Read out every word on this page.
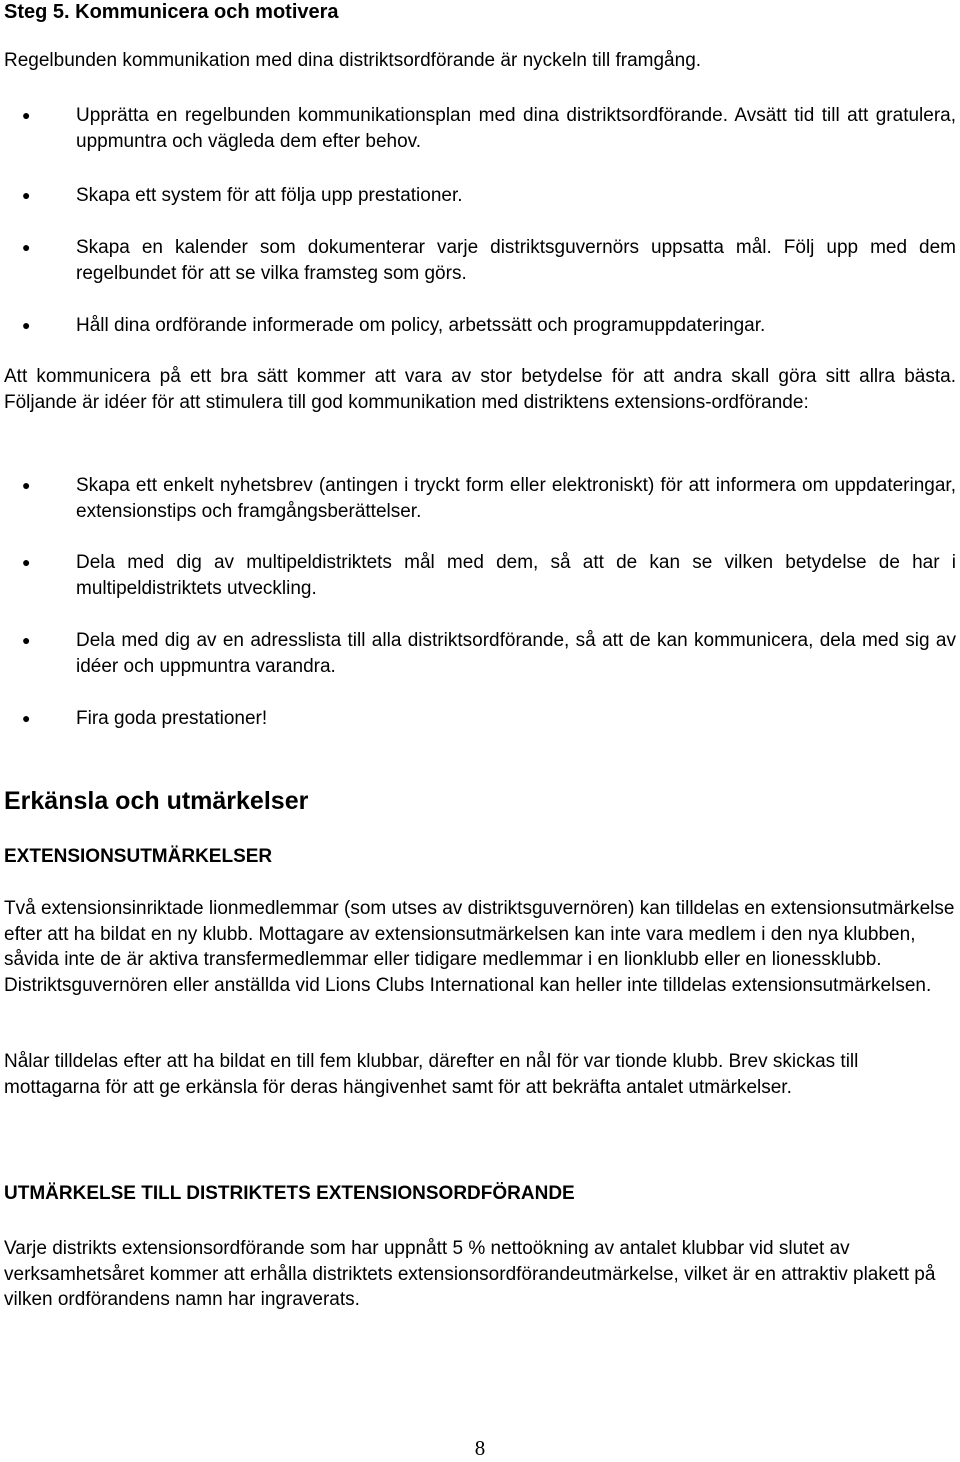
Steg 5. Kommunicera och motivera

Regelbunden kommunikation med dina distriktsordförande är nyckeln till framgång.

● Upprätta en regelbunden kommunikationsplan med dina distriktsordförande. Avsätt tid till att gratulera, uppmuntra och vägleda dem efter behov.
● Skapa ett system för att följa upp prestationer.
● Skapa en kalender som dokumenterar varje distriktsguvernörs uppsatta mål. Följ upp med dem regelbundet för att se vilka framsteg som görs.
● Håll dina ordförande informerade om policy, arbetssätt och programuppdateringar.

Att kommunicera på ett bra sätt kommer att vara av stor betydelse för att andra skall göra sitt allra bästa. Följande är idéer för att stimulera till god kommunikation med distriktens extensions-ordförande:

● Skapa ett enkelt nyhetsbrev (antingen i tryckt form eller elektroniskt) för att informera om uppdateringar, extensionstips och framgångsberättelser.
● Dela med dig av multipeldistriktets mål med dem, så att de kan se vilken betydelse de har i multipeldistriktets utveckling.
● Dela med dig av en adresslista till alla distriktsordförande, så att de kan kommunicera, dela med sig av idéer och uppmuntra varandra.
● Fira goda prestationer!

Erkänsla och utmärkelser

EXTENSIONSUTMÄRKELSER

Två extensionsinriktade lionmedlemmar (som utses av distriktsguvernören) kan tilldelas en extensionsutmärkelse efter att ha bildat en ny klubb. Mottagare av extensionsutmärkelsen kan inte vara medlem i den nya klubben, såvida inte de är aktiva transfermedlemmar eller tidigare medlemmar i en lionklubb eller en lionessklubb. Distriktsguvernören eller anställda vid Lions Clubs International kan heller inte tilldelas extensionsutmärkelsen.

Nålar tilldelas efter att ha bildat en till fem klubbar, därefter en nål för var tionde klubb. Brev skickas till mottagarna för att ge erkänsla för deras hängivenhet samt för att bekräfta antalet utmärkelser.

UTMÄRKELSE TILL DISTRIKTETS EXTENSIONSORDFÖRANDE

Varje distrikts extensionsordförande som har uppnått 5 % nettoökning av antalet klubbar vid slutet av verksamhetsåret kommer att erhålla distriktets extensionsordförandeutmärkelse, vilket är en attraktiv plakett på vilken ordförandens namn har ingraverats.

8
